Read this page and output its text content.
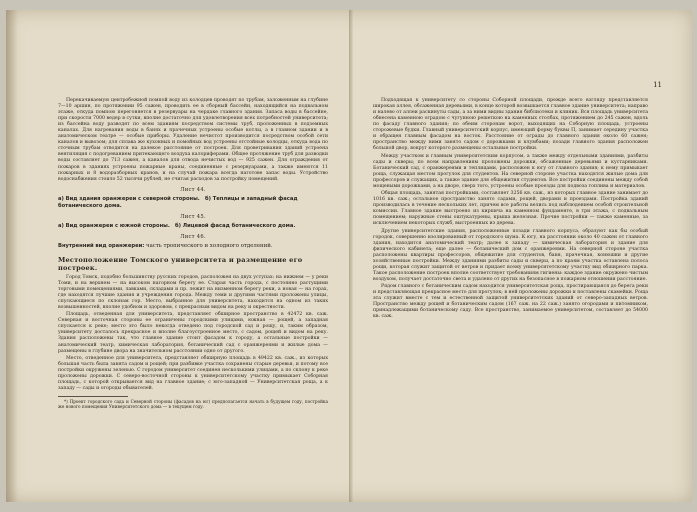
Перекачиваемую центробежной помпой воду из колодцев проводят по трубам, заложенным на глубине 7—10 аршин, по протяжении 95 сажен, проводить ее в сборный бассейн, находящийся на подвальном этаже, откуда помпою перегоняется в резервуары на чердаке главного здания. Запаса воды в бассейне, при скорости 7000 ведер в сутки, вполне достаточно для удовлетворения всех потребностей университета; из бассейна воду разводят по всем зданиям посредством системы труб, проложенных в подземных каналах. Для нагревания воды в банях и прачечных устроены особые котлы, а в главном здании и в анатомическом театре — особые приборы. Удаление нечистот производится посредством особой сети каналов и вывозом; для сплава же кухонных и помойных вод устроены отстойные колодцы, откуда вода по сточным трубам отводится на далекое расстояние от построек. Для проветривания зданий устроена вентиляция с подогреванием притекающего воздуха калориферами. Общее протяжение труб для разводки воды составляет до 713 сажен, а каналов для отвода нечистых вод — 925 сажен. Для ограждения от пожаров в зданиях устроены пожарные краны, соединенные с резервуарами, а также имеются 11 пожарных и 8 водоразборных кранов, и на случай пожара всегда наготове запас воды. Устройство водоснабжения стоило 52 тысячи рублей, не считая расходов за постройку помещений.

Лист 44.

а) Вид здания оранжереи с северной стороны. б) Теплицы и западный фасад ботанического дома.

Лист 45.

а) Вид оранжереи с южной стороны. б) Лицевой фасад ботанического дома.

Лист 46.

Внутренний вид оранжереи: часть тропического и холодного отделений.

Местоположение Томского университета и размещение его построек.

Город Томск, подобно большинству русских городов, расположен на двух уступах: на нижнем — у реки Томи, и на верхнем — на высоком нагорном берегу ее. Старая часть города, с постоянно растущими торговыми помещениями, лавками, складами и пр. лежит на низменном берегу реки, а новая — на горах, где находятся лучшие здания и учреждения города. Между теми и другими частями проложены улицы, спускающиеся по склонам гор. Место, выбранное для университета, находится на одном из таких возвышенностей, вполне удобном и здоровом, с прекрасным видом на реку и окрестности.

Площадь, отведенная для университета, представляет обширное пространство в 42472 кв. саж. Северная и восточная стороны ее ограничены городскими улицами, южная — рощей, а западная спускается к реке; место это было некогда отведено под городской сад и рощу, и, таким образом, университету досталось прекрасное и вполне благоустроенное место, с садом, рощей и видом на реку. Здания расположены так, что главное здание стоит фасадом к городу, а остальные постройки — анатомический театр, химическая лаборатория, ботанический сад с оранжереями и жилые дома — размещены в глубине двора на значительном расстоянии одно от другого.

Место, отведенное для университета, представляет обширную площадь в 49422 кв. саж., из которых большая часть была занята садом и рощей; при разбивке участка сохранены старые деревья, и потому все постройки окружены зеленью. С городом университет соединен несколькими улицами, а по склону к реке проложены дорожки. С северо-восточной стороны к университетскому участку примыкает Соборная площадь, с которой открывается вид на главное здание; с юго-западной — Университетская роща, а к западу — сады и огороды обывателей.

*) Проект городского сада и Северной стороны (фасадов на юг) предполагается начать в будущем году, постройка же нового помещения Университетского дома — в текущем году.

11

Подходящая к университету со стороны Соборной площади, прежде всего взгляду представляется широкая аллея, обсаженная деревьями, в конце которой возвышается главное здание университета; направо и налево от аллеи раскинуты сады, а за ними видны здания библиотеки и клиник. Вся площадь университета обнесена каменною оградою с чугунною решеткою на каменных столбах, протяжением до 245 сажен, вдоль по фасаду главного здания; по обеим сторонам ворот, выходящих на Соборную площадь, устроены сторожевые будки. Главный университетский корпус, имеющий форму буквы П, занимает середину участка и обращен главным фасадом на восток. Расстояние от ограды до главного здания около 60 сажен; пространство между ними занято садом с дорожками и клумбами; позади главного здания расположен большой двор, вокруг которого размещены остальные постройки.

Между участком и главным университетским корпусом, а также между отдельными зданиями, разбиты сады и скверы; по всем направлениям проложены дорожки, обсаженные деревьями и кустарниками. Ботанический сад, с оранжереями и теплицами, расположен к югу от главного здания; к нему примыкает роща, служащая местом прогулок для студентов. На северной стороне участка находятся жилые дома для профессоров и служащих, а также здание для общежития студентов. Все постройки соединены между собой мощеными дорожками, а на дворе, сверх того, устроены особые проезды для подвоза топлива и материалов.

Общая площадь, занятая постройками, составляет 3256 кв. саж., из которых главное здание занимает до 1016 кв. саж.; остальное пространство занято садами, рощей, дворами и проездами. Постройка зданий производилась в течение нескольких лет, причем все работы велись под наблюдением особой строительной комиссии. Главное здание выстроено из кирпича на каменном фундаменте, в три этажа, с подвальным помещением; наружные стены оштукатурены, крыша железная. Прочие постройки — также каменные, за исключением некоторых служб, выстроенных из дерева.

Другие университетские здания, расположенные позади главного корпуса, образуют как бы особый городок, совершенно изолированный от городского шума. К югу, на расстоянии около 40 сажен от главного здания, находится анатомический театр; далее к западу — химическая лаборатория и здание для физического кабинета; еще далее — ботанический дом с оранжереями. На северной стороне участка расположены квартиры профессоров, общежитие для студентов, баня, прачечная, конюшни и другие хозяйственные постройки. Между зданиями разбиты сады и скверы, а по краям участка оставлена полоса рощи, которая служит защитой от ветров и придает всему университетскому участку вид обширного парка. Такое расположение построек вполне соответствует требованиям гигиены: каждое здание окружено чистым воздухом, получает достаточно света и удалено от других на безопасное в пожарном отношении расстояние.

Рядом главного с ботаническим садом находится университетская роща, простирающаяся до берега реки и представляющая прекрасное место для прогулок; в ней проложены дорожки и поставлены скамейки. Роща эта служит вместе с тем и естественной защитой университетских зданий от северо-западных ветров. Пространство между рощей и ботаническим садом (167 саж. на 22 саж.) занято огородами и питомником, принадлежащими ботаническому саду. Все пространство, занимаемое университетом, составляет до 54000 кв. саж.
